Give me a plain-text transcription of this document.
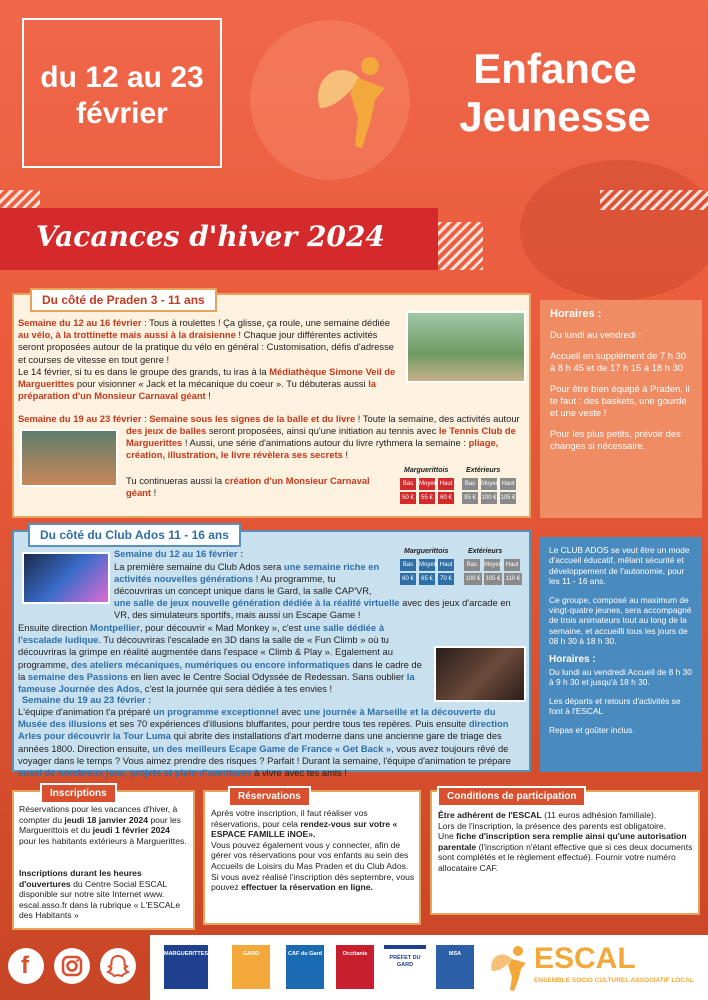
du 12 au 23
février
Enfance
Jeunesse
Vacances d'hiver 2024
Semaine du 12 au 16 février : Tous à roulettes ! Ça glisse, ça roule, une semaine dédiée au vélo, à la trottinette mais aussi à la draisienne ! Chaque jour différentes activités seront proposées autour de la pratique du vélo en général : Customisation, défis d'adresse et courses de vitesse en tout genre !
Le 14 février, si tu es dans le groupe des grands, tu iras à la Médiathèque Simone Veil de Marguerittes pour visionner « Jack et la mécanique du coeur ». Tu débuteras aussi la préparation d'un Monsieur Carnaval géant !
Semaine du 19 au 23 février : Semaine sous les signes de la balle et du livre ! Toute la semaine, des activités autour
des jeux de balles seront proposées, ainsi qu'une initiation au tennis avec le Tennis Club de Marguerittes ! Aussi, une série d'animations autour du livre rythmera la semaine : pliage, création, illustration, le livre révèlera ses secrets !
Tu continueras aussi la création d'un Monsieur Carnaval géant !
Marguerittois	Extérieurs
Bas Moyen Haut	Bas Moyen Haut
50 €	55 €	60 €	95 € 100 € 105 €
Du côté de Praden 3 - 11 ans

Horaires :

Du lundi au vendredi :

Accueil en supplément de 7 h 30 à 8 h 45 et de 17 h 15 à 18 h 30

Pour être bien équipé à Praden, il te faut : des baskets, une gourde et une veste !

Pour les plus petits, prévoir des changes si nécessaire.

Semaine du 12 au 16 février :
La première semaine du Club Ados sera une semaine riche en activités nouvelles générations ! Au programme, tu découvriras un concept unique dans le Gard, la salle CAP'VR,
une salle de jeux nouvelle génération dédiée à la réalité virtuelle avec des jeux d'arcade en VR, des simulateurs sportifs, mais aussi un Escape Game !
Ensuite direction Montpellier, pour découvrir « Mad Monkey », c'est une salle dédiée à l'escalade ludique. Tu découvriras l'escalade en 3D dans la salle de « Fun Climb » où tu découvriras la grimpe en réalité augmentée dans l'espace « Climb & Play ». Egalement au programme, des ateliers mécaniques, numériques ou encore informatiques dans le cadre de la semaine des Passions en lien avec le Centre Social Odyssée de Redessan. Sans oublier la fameuse Journée des Ados, c'est la journée qui sera dédiée à tes envies !
Semaine du 19 au 23 février :
L'équipe d'animation t'a préparé un programme exceptionnel avec une journée à Marseille et la découverte du Musée des illusions et ses 70 expériences d'illusions bluffantes, pour perdre tous tes repères. Puis ensuite direction Arles pour découvrir la Tour Luma qui abrite des installations d'art moderne dans une ancienne gare de triage des années 1800. Direction ensuite, un des meilleurs Ecape Game de France « Get Back », vous avez toujours rêvé de voyager dans le temps ? Vous aimez prendre des risques ? Parfait ! Durant la semaine, l'équipe d'animation te prépare aussi de nombreux jeux, projets et plein d'aventures à vivre avec tes amis !
Marguerittois	Extérieurs
Bas Moyen Haut	Bas	Moyen Haut
60 €	65 €	70 €	100 € 105 € 110 €
Du côté du Club Ados 11 - 16 ans

Le CLUB ADOS se veut être un mode d'accueil éducatif, mêlant sécurité et développement de l'autonomie, pour les 11 - 16 ans.

Ce groupe, composé au maximum de vingt-quatre jeunes, sera accompagné de trois animateurs tout au long de la semaine, et accueilli tous les jours de 08 h 30 à 18 h 30.

Horaires :

Du lundi au vendredi Accueil de 8 h 30 à 9 h 30 et jusqu'à 18 h 30.

Les départs et retours d'activités se font à l'ESCAL

Repas et goûter inclus.

Réservations pour les vacances d'hiver, à compter du jeudi 18 janvier 2024 pour les Marguerittois et du jeudi 1 février 2024 pour les habitants extérieurs à Marguerittes.
Inscriptions durant les heures d'ouvertures du Centre Social ESCAL disponible sur notre site Internet www. escal.asso.fr dans la rubrique « L'ESCALe des Habitants »
Inscriptions
Après votre inscription, il faut réaliser vos réservations, pour cela rendez-vous sur votre « ESPACE FAMILLE iNOE».
Vous pouvez également vous y connecter, afin de gérer vos réservations pour vos enfants au sein des Accueils de Loisirs du Mas Praden et du Club Ados.
Si vous avez réalisé l'inscription dès septembre, vous pouvez effectuer la réservation en ligne.
Réservations
Être adhérent de l'ESCAL (11 euros adhésion familiale).
Lors de l'inscription, la présence des parents est obligatoire.
Une fiche d'inscription sera remplie ainsi qu'une autorisation parentale (l'inscription n'étant effective que si ces deux documents sont complétés et le règlement effectué). Fournir votre numéro allocataire CAF.
Conditions de participation
f	MARGUERITTES	GARD	CAF du Gard	Occitanie
PRÉFET DU GARD
MSA	ESCAL
ENSEMBLE SOCIO CULTUREL ASSOCIATIF LOCAL
